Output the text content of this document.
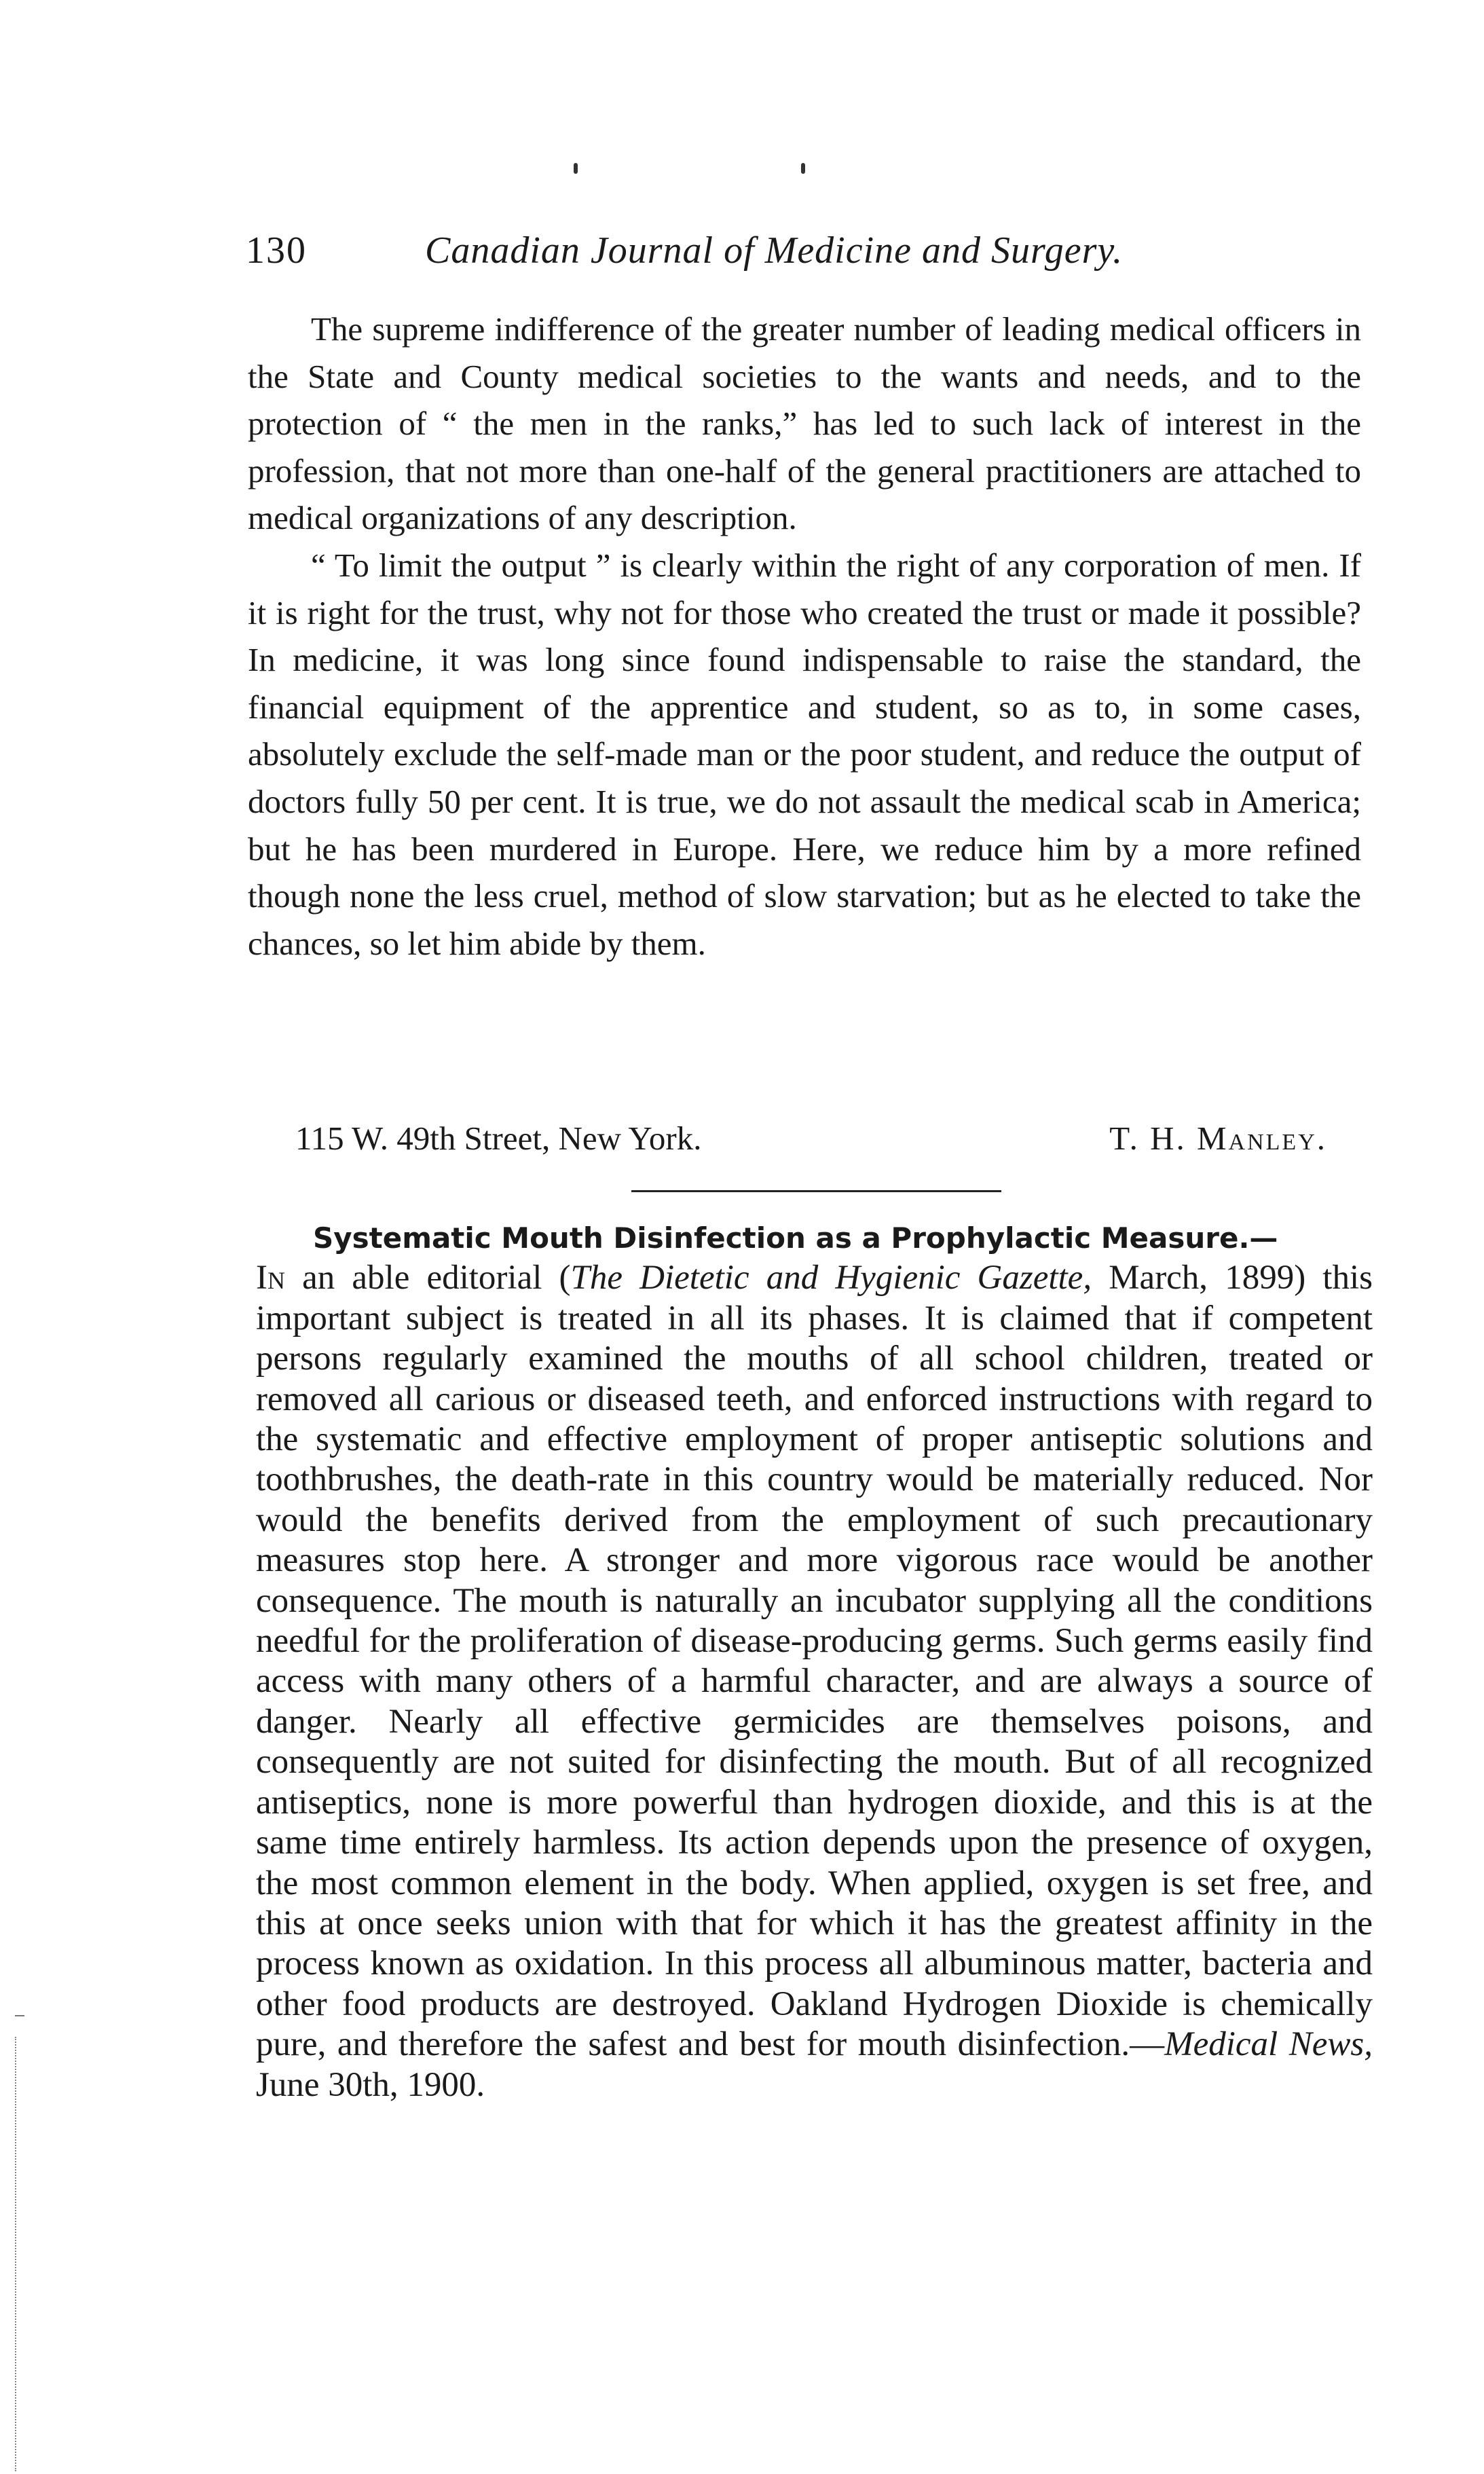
130	Canadian Journal of Medicine and Surgery.

The supreme indifference of the greater number of leading medical officers in the State and County medical societies to the wants and needs, and to the protection of “ the men in the ranks,” has led to such lack of interest in the profession, that not more than one-half of the general practitioners are attached to medical organizations of any description.

“ To limit the output ” is clearly within the right of any corporation of men. If it is right for the trust, why not for those who created the trust or made it possible? In medicine, it was long since found indispensable to raise the standard, the financial equipment of the apprentice and student, so as to, in some cases, absolutely exclude the self-made man or the poor student, and reduce the output of doctors fully 50 per cent. It is true, we do not assault the medical scab in America; but he has been murdered in Europe. Here, we reduce him by a more refined though none the less cruel, method of slow starvation; but as he elected to take the chances, so let him abide by them.

115 W. 49th Street, New York.	T. H. Manley.

Systematic Mouth Disinfection as a Prophylactic Measure.—
In an able editorial (The Dietetic and Hygienic Gazette, March, 1899) this important subject is treated in all its phases. It is claimed that if competent persons regularly examined the mouths of all school children, treated or removed all carious or diseased teeth, and enforced instructions with regard to the systematic and effective employment of proper antiseptic solutions and toothbrushes, the death-rate in this country would be materially reduced. Nor would the benefits derived from the employment of such precautionary measures stop here. A stronger and more vigorous race would be another consequence. The mouth is naturally an incubator supplying all the conditions needful for the proliferation of disease-producing germs. Such germs easily find access with many others of a harmful character, and are always a source of danger. Nearly all effective germicides are themselves poisons, and consequently are not suited for disinfecting the mouth. But of all recognized antiseptics, none is more powerful than hydrogen dioxide, and this is at the same time entirely harmless. Its action depends upon the presence of oxygen, the most common element in the body. When applied, oxygen is set free, and this at once seeks union with that for which it has the greatest affinity in the process known as oxidation. In this process all albuminous matter, bacteria and other food products are destroyed. Oakland Hydrogen Dioxide is chemically pure, and therefore the safest and best for mouth disinfection.—Medical News, June 30th, 1900.
